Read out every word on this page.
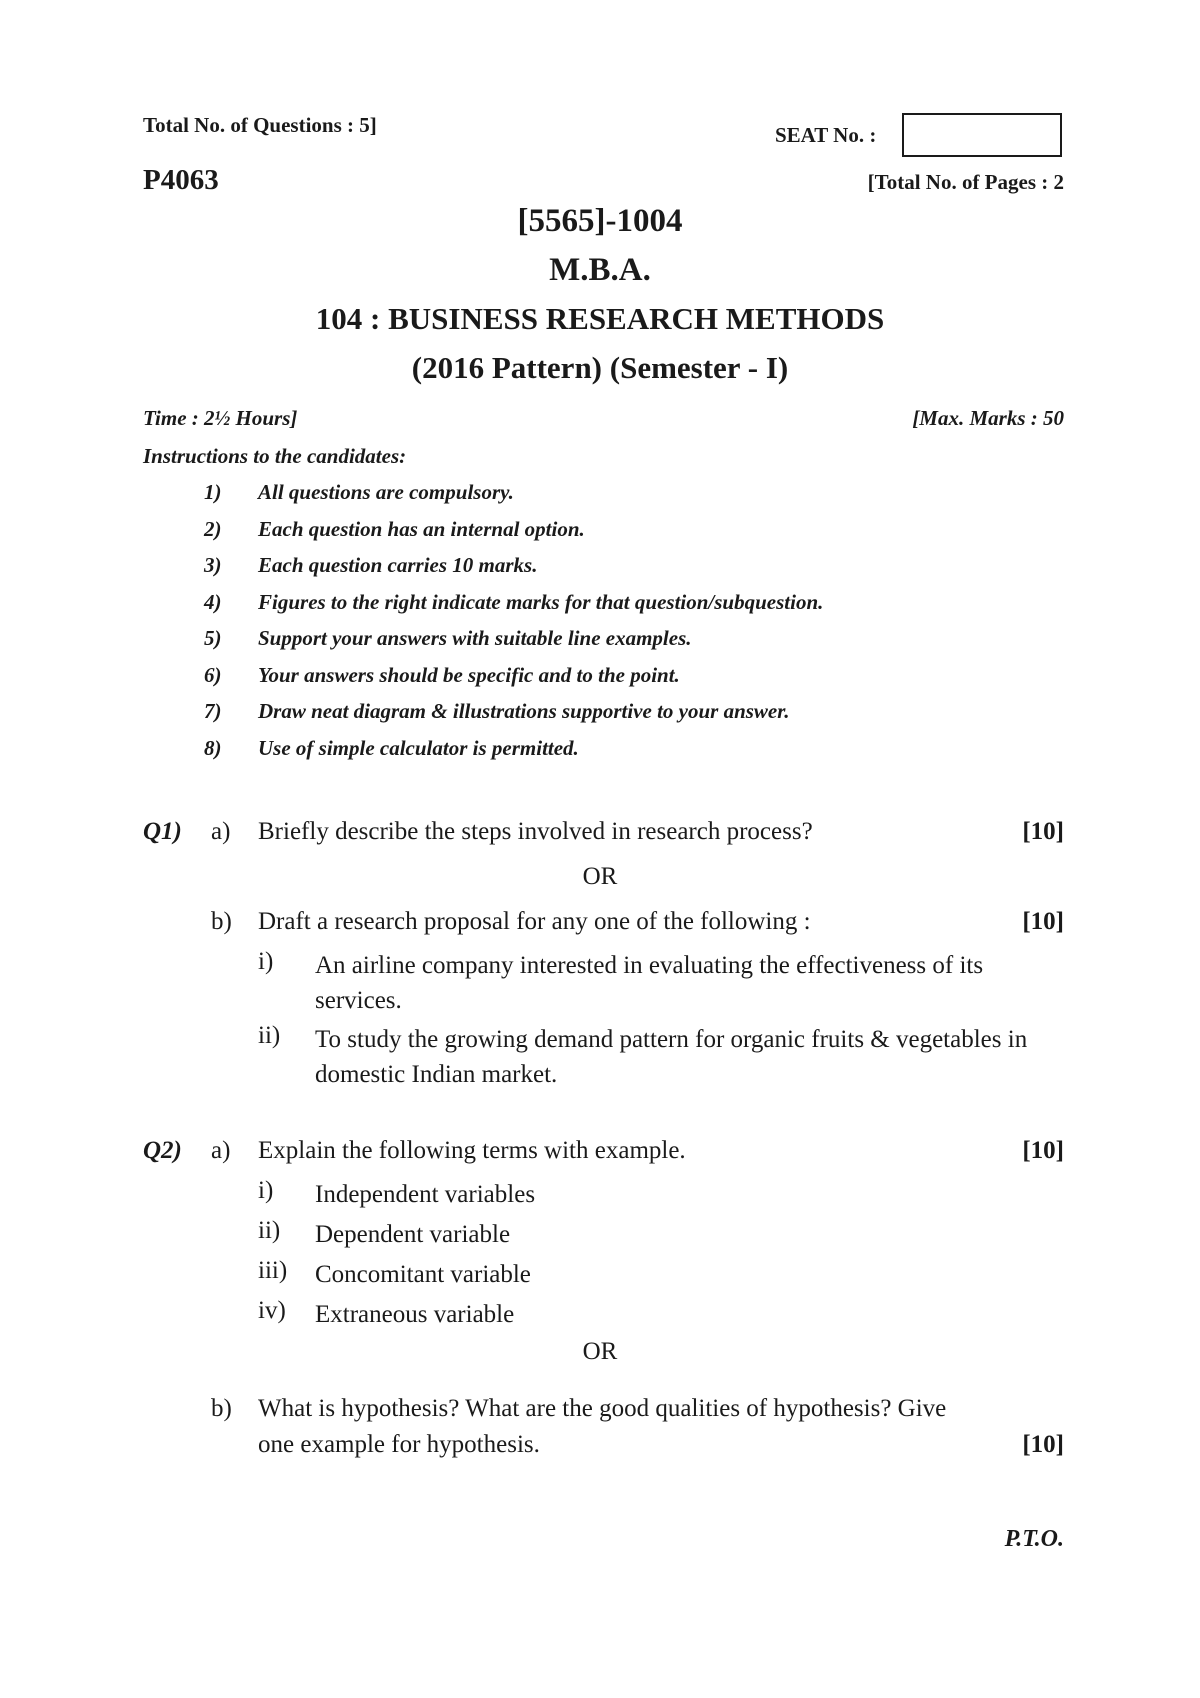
Total No. of Questions : 5]	SEAT No. :
P4063	[Total No. of Pages : 2
[5565]-1004
M.B.A.
104 : BUSINESS RESEARCH METHODS
(2016 Pattern) (Semester - I)
Time : 2½ Hours]	[Max. Marks : 50
Instructions to the candidates:
1) All questions are compulsory.
2) Each question has an internal option.
3) Each question carries 10 marks.
4) Figures to the right indicate marks for that question/subquestion.
5) Support your answers with suitable line examples.
6) Your answers should be specific and to the point.
7) Draw neat diagram & illustrations supportive to your answer.
8) Use of simple calculator is permitted.
Q1) a) Briefly describe the steps involved in research process?	[10]
OR
b) Draft a research proposal for any one of the following :	[10]
i) An airline company interested in evaluating the effectiveness of its services.
ii) To study the growing demand pattern for organic fruits & vegetables in domestic Indian market.
Q2) a) Explain the following terms with example.	[10]
i) Independent variables
ii) Dependent variable
iii) Concomitant variable
iv) Extraneous variable
OR
b) What is hypothesis? What are the good qualities of hypothesis? Give
one example for hypothesis.	[10]
P.T.O.
